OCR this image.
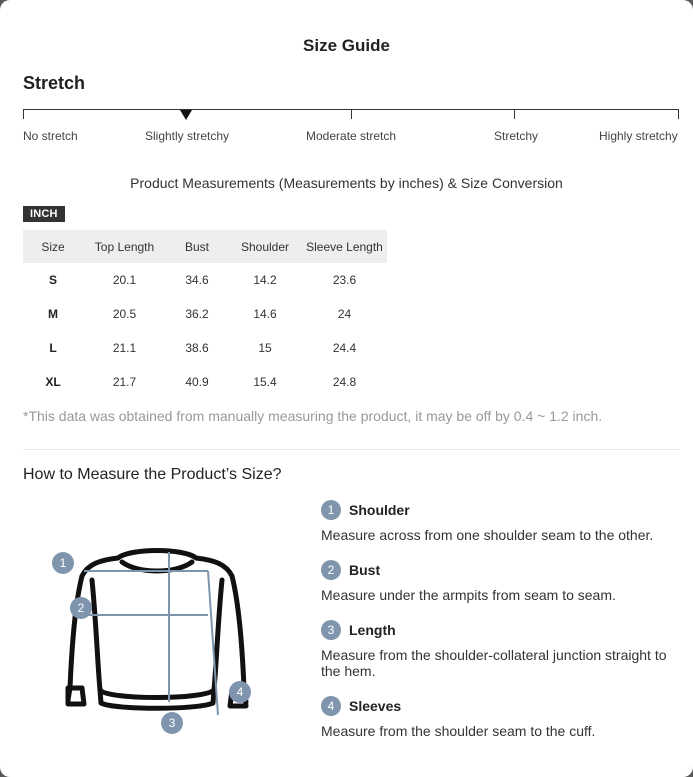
Size Guide
Stretch
No stretch	Slightly stretchy	Moderate stretch	Stretchy	Highly stretchy
Product Measurements (Measurements by inches) & Size Conversion
INCH
Size	Top Length	Bust	Shoulder	Sleeve Length
S	20.1	34.6	14.2	23.6
M	20.5	36.2	14.6	24
L	21.1	38.6	15	24.4
XL	21.7	40.9	15.4	24.8
*This data was obtained from manually measuring the product, it may be off by 0.4 ~ 1.2 inch.
How to Measure the Product’s Size?
1
2
3
4
1	Shoulder
Measure across from one shoulder seam to the other.
2	Bust
Measure under the armpits from seam to seam.
3	Length
Measure from the shoulder-collateral junction straight to the hem.
4	Sleeves
Measure from the shoulder seam to the cuff.
